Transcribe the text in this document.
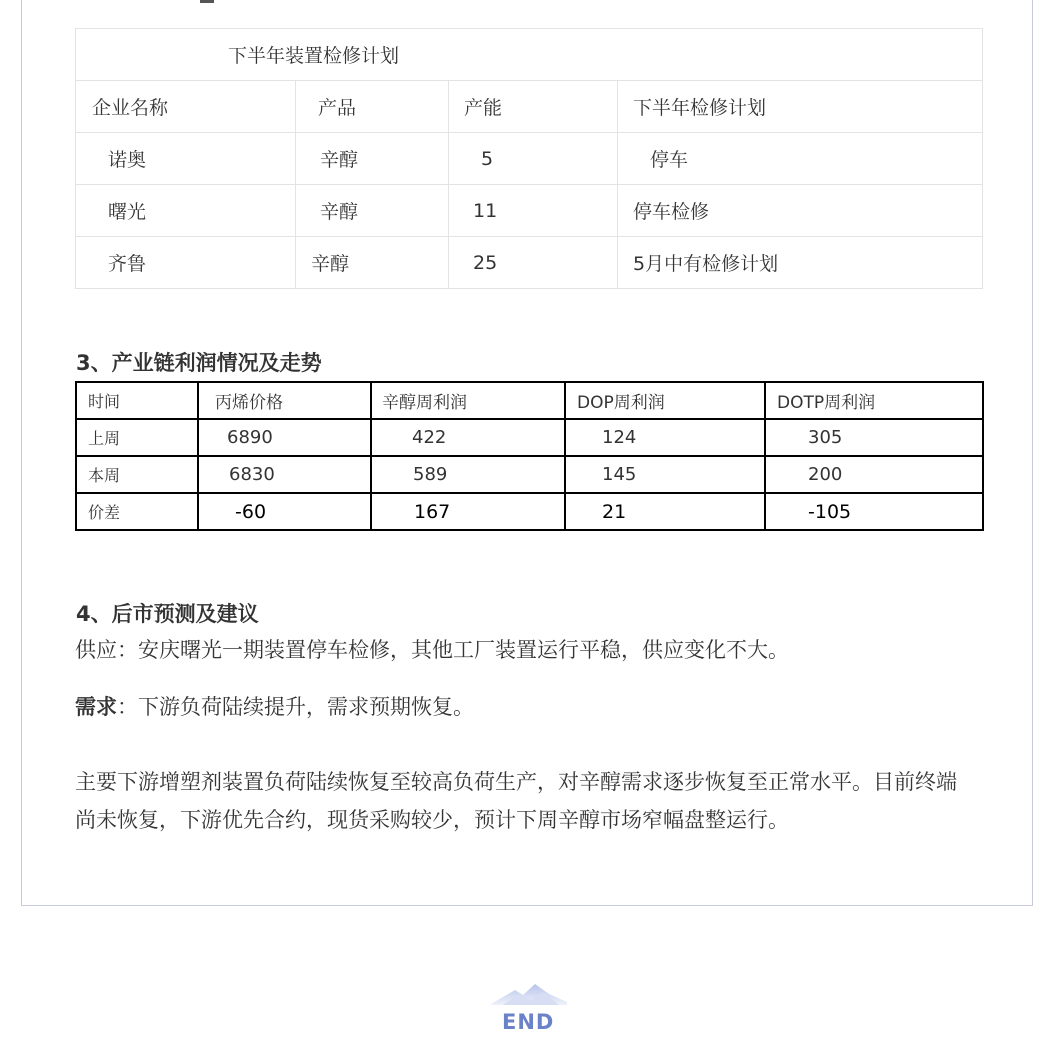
下半年装置检修计划			
企业名称	产品	产能	下半年检修计划
诺奥	辛醇	5	停车
曙光	辛醇	11	停车检修
齐鲁	辛醇	25	5月中有检修计划
3、产业链利润情况及走势
时间	丙烯价格	辛醇周利润	DOP周利润	DOTP周利润
上周	6890	422	124	305
本周	6830	589	145	200
价差	-60	167	21	-105
4、后市预测及建议
供应：安庆曙光一期装置停车检修，其他工厂装置运行平稳，供应变化不大。
需求：下游负荷陆续提升，需求预期恢复。
主要下游增塑剂装置负荷陆续恢复至较高负荷生产，对辛醇需求逐步恢复至正常水平。目前终端尚未恢复，下游优先合约，现货采购较少，预计下周辛醇市场窄幅盘整运行。
END
